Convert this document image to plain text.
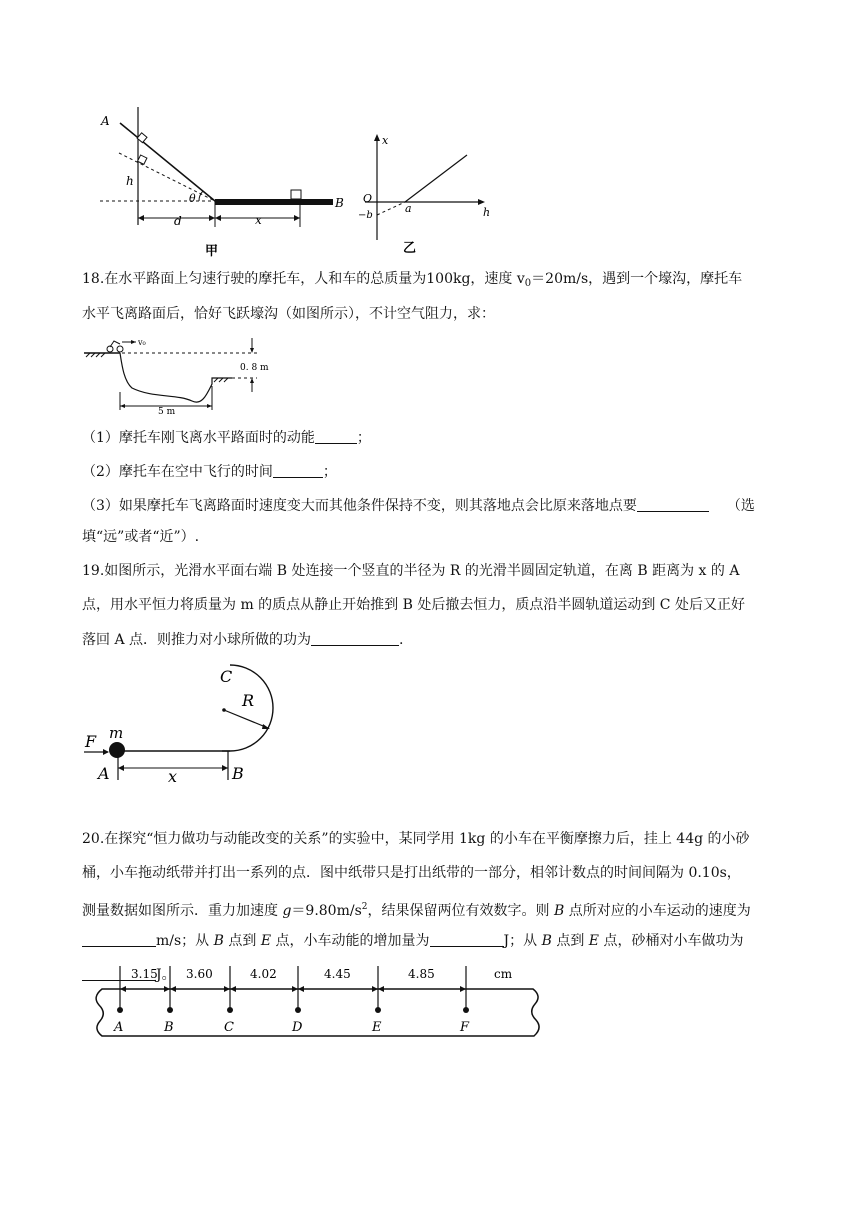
A
h
d	x
θ	B
甲
x
h
O
−b
a
乙
18.在水平路面上匀速行驶的摩托车，人和车的总质量为100kg，速度 $v_0=20m/s$，遇到一个壕沟，摩托车
水平飞离路面后，恰好飞跃壕沟（如图所示），不计空气阻力，求：
v₀
0. 8 m
5 m
（1）摩托车刚飞离水平路面时的动能	；
（2）摩托车在空中飞行的时间	；
（3）如果摩托车飞离路面时速度变大而其他条件保持不变，则其落地点会比原来落地点要	（选
填“远”或者“近”）.
19.如图所示，光滑水平面右端 B 处连接一个竖直的半径为 R 的光滑半圆固定轨道，在离 B 距离为 x 的 A
点，用水平恒力将质量为 m 的质点从静止开始推到 B 处后撤去恒力，质点沿半圆轨道运动到 C 处后又正好
落回 A 点．则推力对小球所做的功为	.
C
R
F m
A	x	B
20.在探究“恒力做功与动能改变的关系”的实验中，某同学用 1kg 的小车在平衡摩擦力后，挂上 44g 的小砂
桶，小车拖动纸带并打出一系列的点．图中纸带只是打出纸带的一部分，相邻计数点的时间间隔为 0.10s，
测量数据如图所示．重力加速度 $g=9.80m/s^2$，结果保留两位有效数字。则 B 点所对应的小车运动的速度为
m/s；从 B 点到 E 点，小车动能的增加量为	J；从 B 点到 E 点，砂桶对小车做功为
J。	cm
A	B	C	D	E	F
3.15 3.60	4.02	4.45	4.85
